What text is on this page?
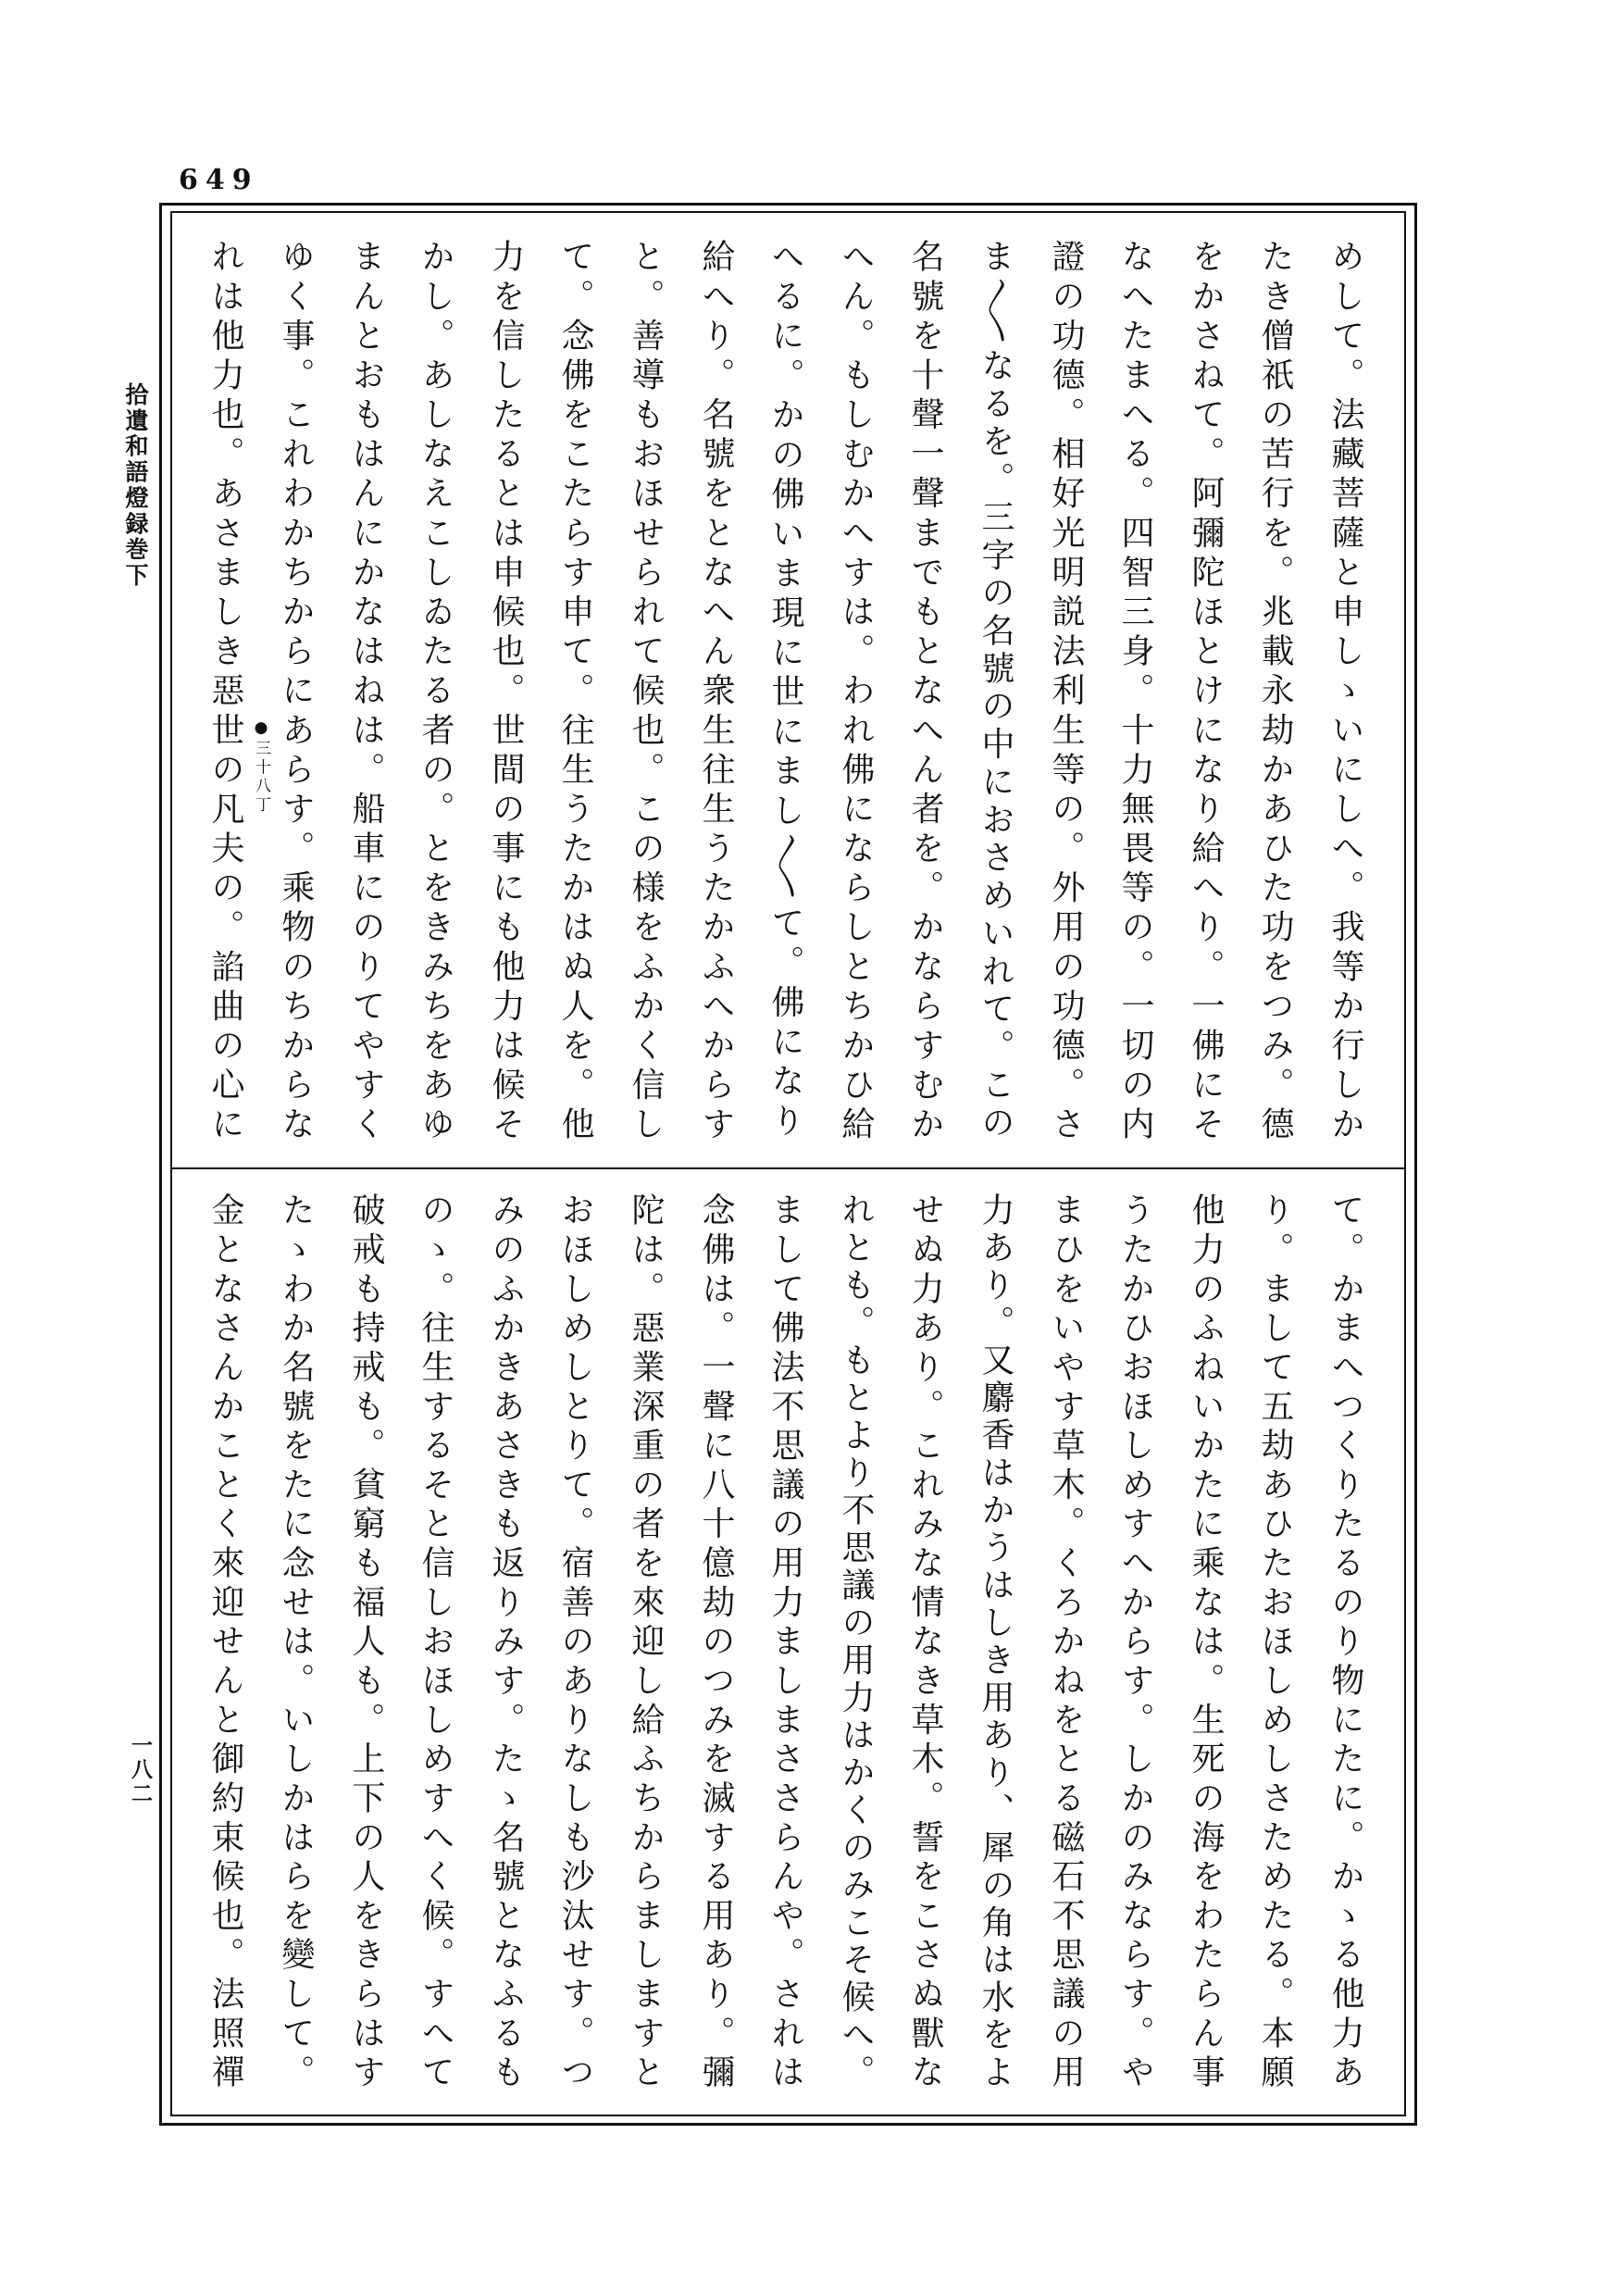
649
拾遺和語燈録巻下
一八二
めして。法藏菩薩と申しゝいにしへ。我等か行しか
たき僧祇の苦行を。兆載永劫かあひた功をつみ。德
をかさねて。阿彌陀ほとけになり給へり。一佛にそ
なへたまへる。四智三身。十力無畏等の。一切の内
證の功德。相好光明説法利生等の。外用の功德。さ
ま〳〵なるを。三字の名號の中におさめいれて。この
名號を十聲一聲までもとなへん者を。かならすむか
へん。もしむかへすは。われ佛にならしとちかひ給
へるに。かの佛いま現に世にまし〳〵て。佛になり
給へり。名號をとなへん衆生往生うたかふへからす
と。善導もおほせられて候也。この様をふかく信し
て。念佛をこたらす申て。往生うたかはぬ人を。他
力を信したるとは申候也。世間の事にも他力は候そ
かし。あしなえこしゐたる者の。とをきみちをあゆ
まんとおもはんにかなはねは。船車にのりてやすく
ゆく事。これわかちからにあらす。乘物のちからな
れは他力也。あさましき惡世の凡夫の。諂曲の心に ●三十八丁
て。かまへつくりたるのり物にたに。かゝる他力あ
り。まして五劫あひたおほしめしさためたる。本願
他力のふねいかたに乘なは。生死の海をわたらん事
うたかひおほしめすへからす。しかのみならす。や
まひをいやす草木。くろかねをとる磁石不思議の用
力あり。又麝香はかうはしき用あり、犀の角は水をよ
せぬ力あり。これみな情なき草木。誓をこさぬ獸な
れとも。もとより不思議の用力はかくのみこそ候へ。
まして佛法不思議の用力ましまささらんや。されは
念佛は。一聲に八十億劫のつみを滅する用あり。彌
陀は。惡業深重の者を來迎し給ふちからましますと
おほしめしとりて。宿善のありなしも沙汰せす。つ
みのふかきあさきも返りみす。たゝ名號となふるも
のゝ。往生するそと信しおほしめすへく候。すへて
破戒も持戒も。貧窮も福人も。上下の人をきらはす
たゝわか名號をたに念せは。いしかはらを變して。
金となさんかことく來迎せんと御約束候也。法照禪
